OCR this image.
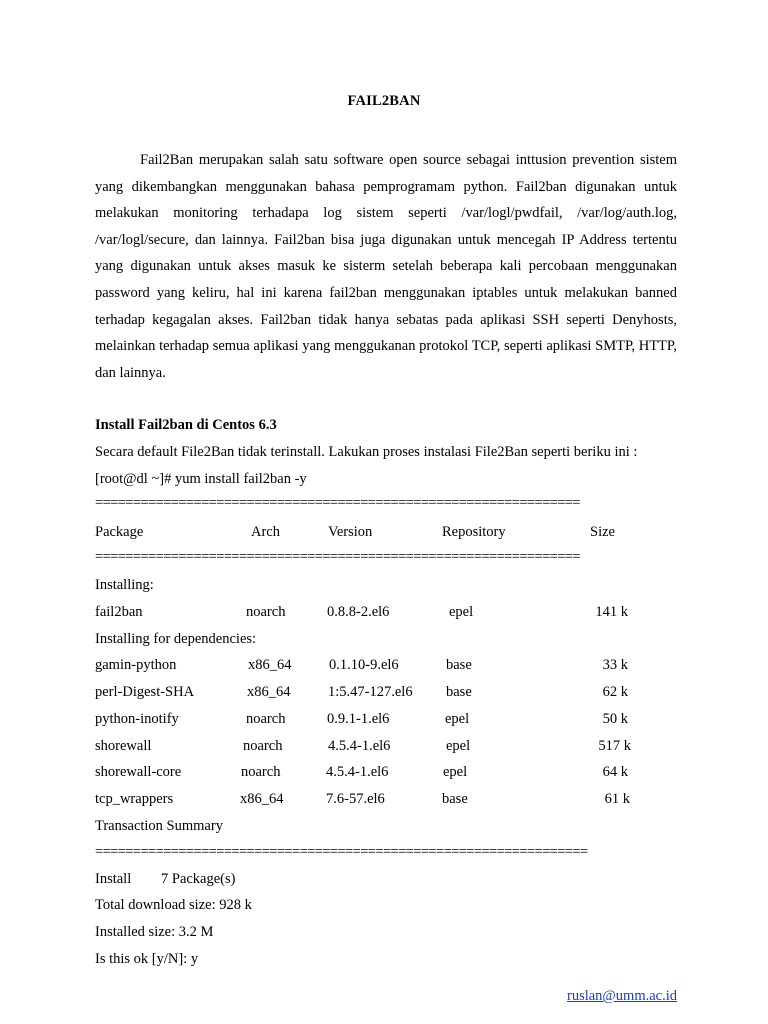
FAIL2BAN

Fail2Ban merupakan salah satu software open source sebagai inttusion prevention sistem yang dikembangkan menggunakan bahasa pemprogramam python. Fail2ban digunakan untuk melakukan monitoring terhadapa log sistem seperti /var/logl/pwdfail, /var/log/auth.log, /var/logl/secure, dan lainnya. Fail2ban bisa juga digunakan untuk mencegah IP Address tertentu yang digunakan untuk akses masuk ke sisterm setelah beberapa kali percobaan menggunakan password yang keliru, hal ini karena fail2ban menggunakan iptables untuk melakukan banned terhadap kegagalan akses. Fail2ban tidak hanya sebatas pada aplikasi SSH seperti Denyhosts, melainkan terhadap semua aplikasi yang menggukanan protokol TCP, seperti aplikasi SMTP, HTTP, dan lainnya.

Install Fail2ban di Centos 6.3
Secara default File2Ban tidak terinstall. Lakukan proses instalasi File2Ban seperti beriku ini :
[root@dl ~]# yum install fail2ban -y
================================================================
Package	Arch	Version	Repository	Size
================================================================
Installing:
fail2ban	noarch	0.8.8-2.el6	epel	141 k
Installing for dependencies:
gamin-python	x86_64	0.1.10-9.el6	base	33 k
perl-Digest-SHA	x86_64	1:5.47-127.el6 base	62 k
python-inotify	noarch	0.9.1-1.el6	epel	50 k
shorewall	noarch	4.5.4-1.el6	epel	517 k
shorewall-core	noarch	4.5.4-1.el6	epel	64 k
tcp_wrappers	x86_64	7.6-57.el6	base	61 k
Transaction Summary
=================================================================
Install 7 Package(s)
Total download size: 928 k
Installed size: 3.2 M
Is this ok [y/N]: y
ruslan@umm.ac.id
